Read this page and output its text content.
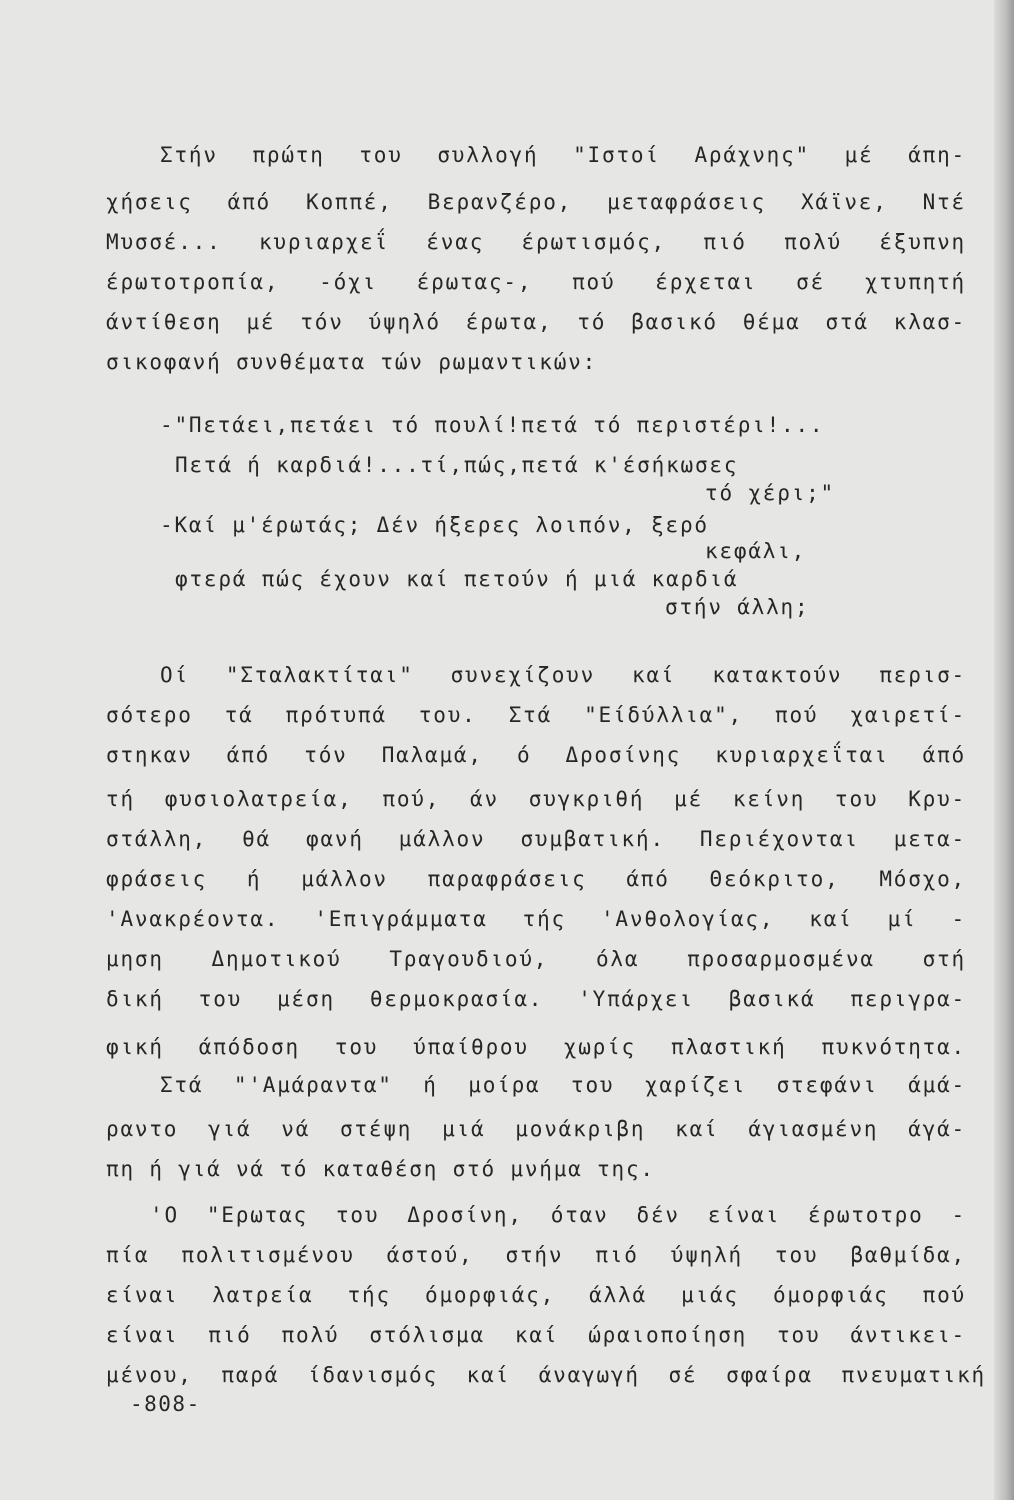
Στήν πρώτη του συλλογή "Ιστοί Αράχνης" μέ άπη-
χήσεις άπό Κοππέ, Βερανζέρο, μεταφράσεις Χάϊνε, Ντέ
Μυσσέ... κυριαρχεΐ ένας έρωτισμός, πιό πολύ έξυπνη
έρωτοτροπία, -όχι έρωτας-, πού έρχεται σέ χτυπητή
άντίθεση μέ τόν ύψηλό έρωτα, τό βασικό θέμα στά κλασ-
σικοφανή συνθέματα τών ρωμαντικών:
-"Πετάει,πετάει τό πουλί!πετά τό περιστέρι!...
Πετά ή καρδιά!...τί,πώς,πετά κ'έσήκωσες
τό χέρι;"
-Καί μ'έρωτάς; Δέν ήξερες λοιπόν, ξερό
κεφάλι,
φτερά πώς έχουν καί πετούν ή μιά καρδιά
στήν άλλη;
Οί "Σταλακτίται" συνεχίζουν καί κατακτούν περισ-
σότερο τά πρότυπά του. Στά "Είδύλλια", πού χαιρετί-
στηκαν άπό τόν Παλαμά, ό Δροσίνης κυριαρχεΐται άπό
τή φυσιολατρεία, πού, άν συγκριθή μέ κείνη του Κρυ-
στάλλη, θά φανή μάλλον συμβατική. Περιέχονται μετα-
φράσεις ή μάλλον παραφράσεις άπό Θεόκριτο, Μόσχο,
'Ανακρέοντα. 'Επιγράμματα τής 'Ανθολογίας, καί μί -
μηση Δημοτικού Τραγουδιού, όλα προσαρμοσμένα στή
δική του μέση θερμοκρασία. 'Υπάρχει βασικά περιγρα-
φική άπόδοση του ύπαίθρου χωρίς πλαστική πυκνότητα.
Στά "'Αμάραντα" ή μοίρα του χαρίζει στεφάνι άμά-
ραντο γιά νά στέψη μιά μονάκριβη καί άγιασμένη άγά-
πη ή γιά νά τό καταθέση στό μνήμα της.
'Ο "Ερωτας του Δροσίνη, όταν δέν είναι έρωτοτρο -
πία πολιτισμένου άστού, στήν πιό ύψηλή του βαθμίδα,
είναι λατρεία τής όμορφιάς, άλλά μιάς όμορφιάς πού
είναι πιό πολύ στόλισμα καί ώραιοποίηση του άντικει-
μένου, παρά ίδανισμός καί άναγωγή σέ σφαίρα πνευματική
-808-
